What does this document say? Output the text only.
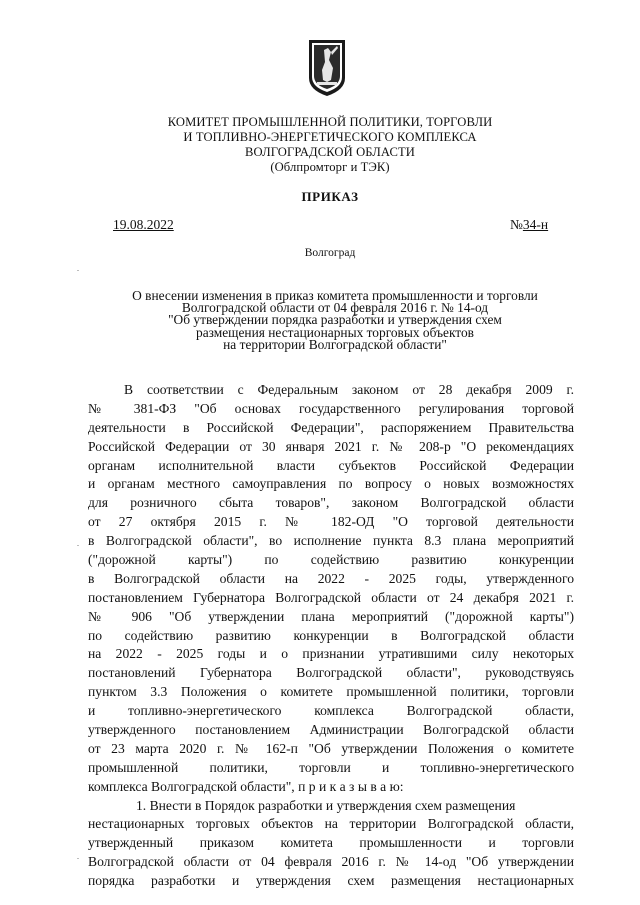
КОМИТЕТ ПРОМЫШЛЕННОЙ ПОЛИТИКИ, ТОРГОВЛИ
И ТОПЛИВНО-ЭНЕРГЕТИЧЕСКОГО КОМПЛЕКСА
ВОЛГОГРАДСКОЙ ОБЛАСТИ
(Облпромторг и ТЭК)
ПРИКАЗ
19.08.2022	№34-н
Волгоград
О внесении изменения в приказ комитета промышленности и торговли
Волгоградской области от 04 февраля 2016 г. № 14-од
"Об утверждении порядка разработки и утверждения схем
размещения нестационарных торговых объектов
на территории Волгоградской области"
В соответствии с Федеральным законом от 28 декабря 2009 г.
№ 381-ФЗ "Об основах государственного регулирования торговой
деятельности в Российской Федерации", распоряжением Правительства
Российской Федерации от 30 января 2021 г. № 208-р "О рекомендациях
органам исполнительной власти субъектов Российской Федерации
и органам местного самоуправления по вопросу о новых возможностях
для розничного сбыта товаров", законом Волгоградской области
от 27 октября 2015 г. № 182-ОД "О торговой деятельности
в Волгоградской области", во исполнение пункта 8.3 плана мероприятий
("дорожной карты") по содействию развитию конкуренции
в Волгоградской области на 2022 - 2025 годы, утвержденного
постановлением Губернатора Волгоградской области от 24 декабря 2021 г.
№ 906 "Об утверждении плана мероприятий ("дорожной карты")
по содействию развитию конкуренции в Волгоградской области
на 2022 - 2025 годы и о признании утратившими силу некоторых
постановлений Губернатора Волгоградской области", руководствуясь
пунктом 3.3 Положения о комитете промышленной политики, торговли
и топливно-энергетического комплекса Волгоградской области,
утвержденного постановлением Администрации Волгоградской области
от 23 марта 2020 г. № 162-п "Об утверждении Положения о комитете
промышленной политики, торговли и топливно-энергетического
комплекса Волгоградской области", п р и к а з ы в а ю:
1. Внести в Порядок разработки и утверждения схем размещения
нестационарных торговых объектов на территории Волгоградской области,
утвержденный приказом комитета промышленности и торговли
Волгоградской области от 04 февраля 2016 г. № 14-од "Об утверждении
порядка разработки и утверждения схем размещения нестационарных
